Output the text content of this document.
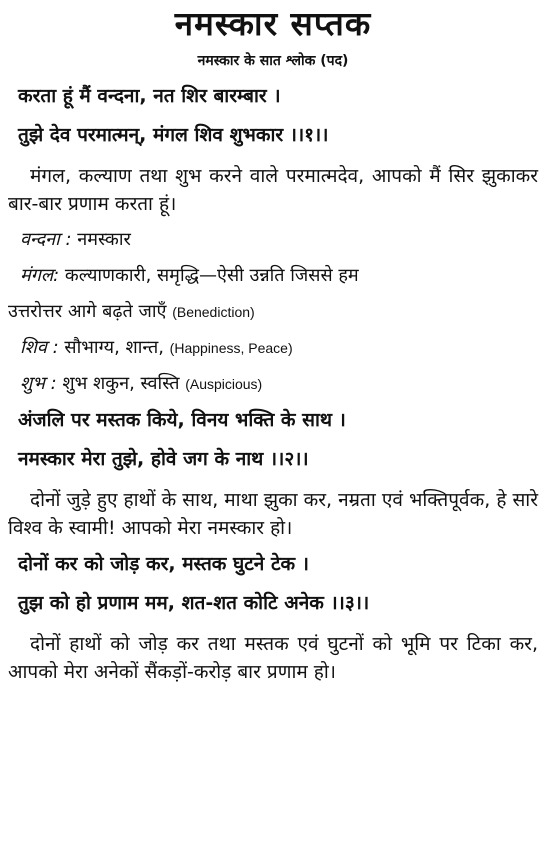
नमस्कार सप्तक
नमस्कार के सात श्लोक (पद)
करता हूं मैं वन्दना, नत शिर बारम्बार ।
तुझे देव परमात्मन्, मंगल शिव शुभकार ।।१।।

मंगल, कल्याण तथा शुभ करने वाले परमात्मदेव, आपको मैं सिर झुकाकर बार-बार प्रणाम करता हूं।

वन्दना : नमस्कार
मंगल: कल्याणकारी, समृद्धि—ऐसी उन्नति जिससे हम
उत्तरोत्तर आगे बढ़ते जाएँ (Benediction)
शिव : सौभाग्य, शान्त, (Happiness, Peace)
शुभ : शुभ शकुन, स्वस्ति (Auspicious)
अंजलि पर मस्तक किये, विनय भक्ति के साथ ।
नमस्कार मेरा तुझे, होवे जग के नाथ ।।२।।

दोनों जुड़े हुए हाथों के साथ, माथा झुका कर, नम्रता एवं भक्तिपूर्वक, हे सारे विश्व के स्वामी! आपको मेरा नमस्कार हो।

दोनों कर को जोड़ कर, मस्तक घुटने टेक ।
तुझ को हो प्रणाम मम, शत-शत कोटि अनेक ।।३।।

दोनों हाथों को जोड़ कर तथा मस्तक एवं घुटनों को भूमि पर टिका कर, आपको मेरा अनेकों सैंकड़ों-करोड़ बार प्रणाम हो।
